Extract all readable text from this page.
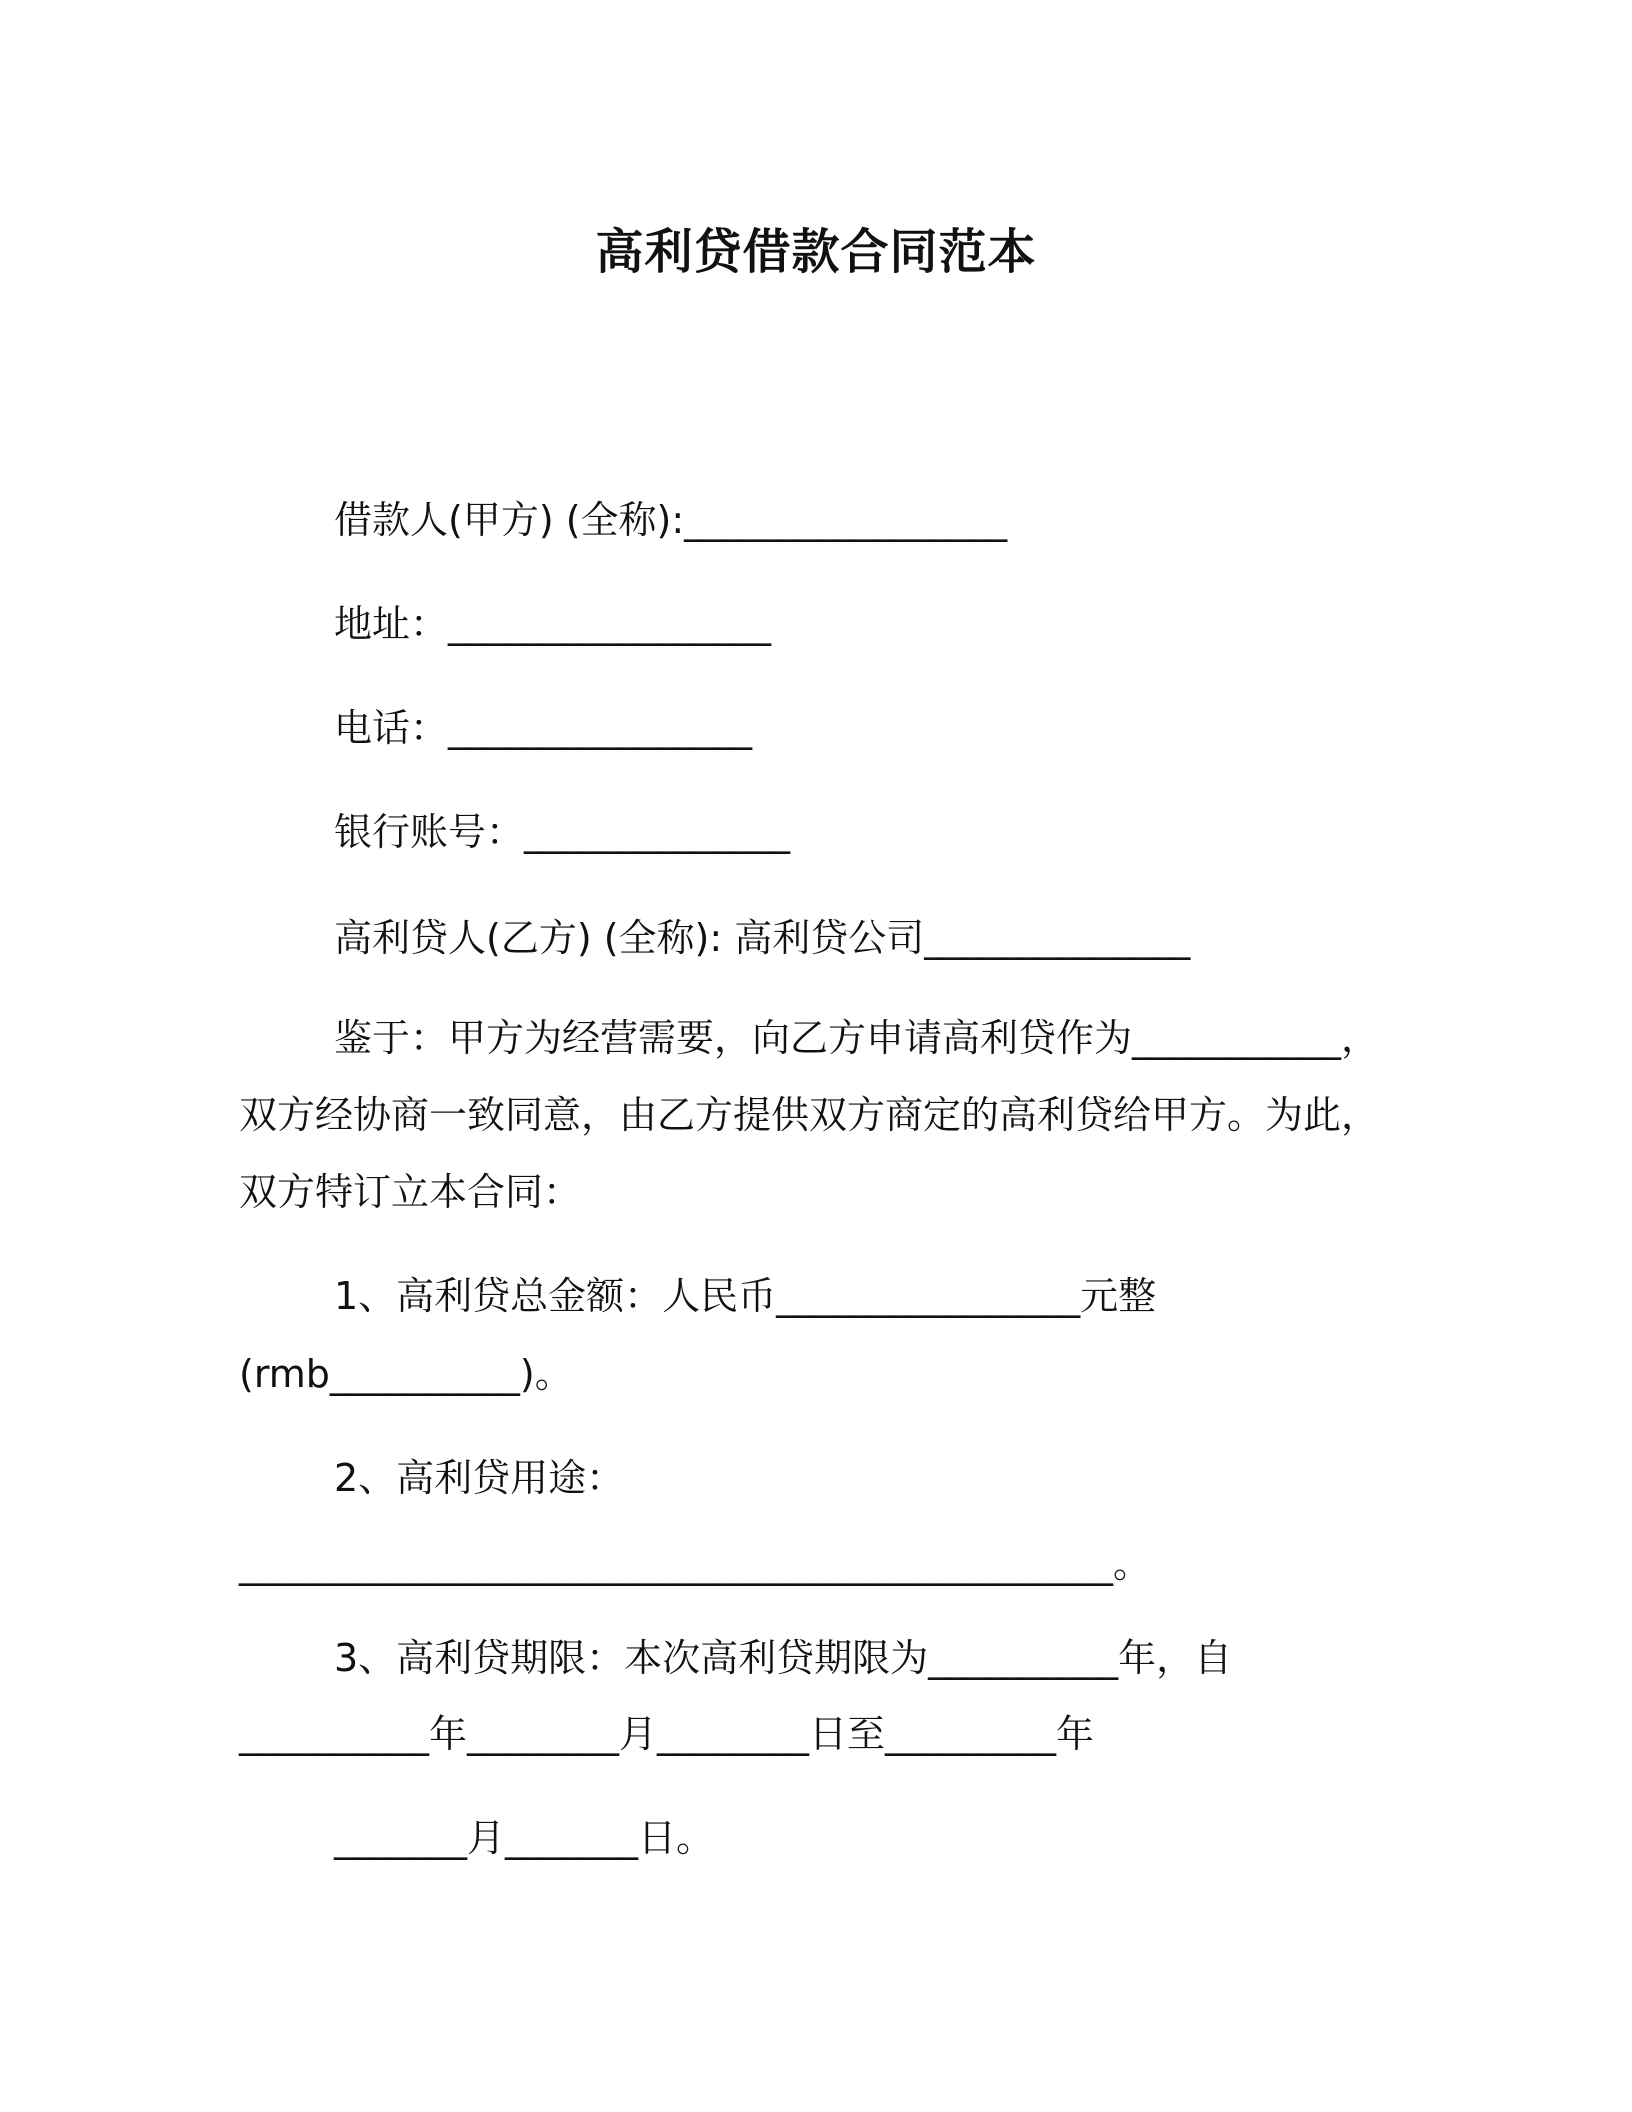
高利贷借款合同范本
借款人(甲方) (全称):_________________
地址：_________________
电话：________________
银行账号：______________
高利贷人(乙方) (全称): 高利贷公司______________
鉴于：甲方为经营需要，向乙方申请高利贷作为___________，
双方经协商一致同意，由乙方提供双方商定的高利贷给甲方。为此，
双方特订立本合同：
1、高利贷总金额：人民币________________元整
(rmb__________)。
2、高利贷用途：
______________________________________________。
3、高利贷期限：本次高利贷期限为__________年，自
__________年________月________日至_________年
_______月_______日。
